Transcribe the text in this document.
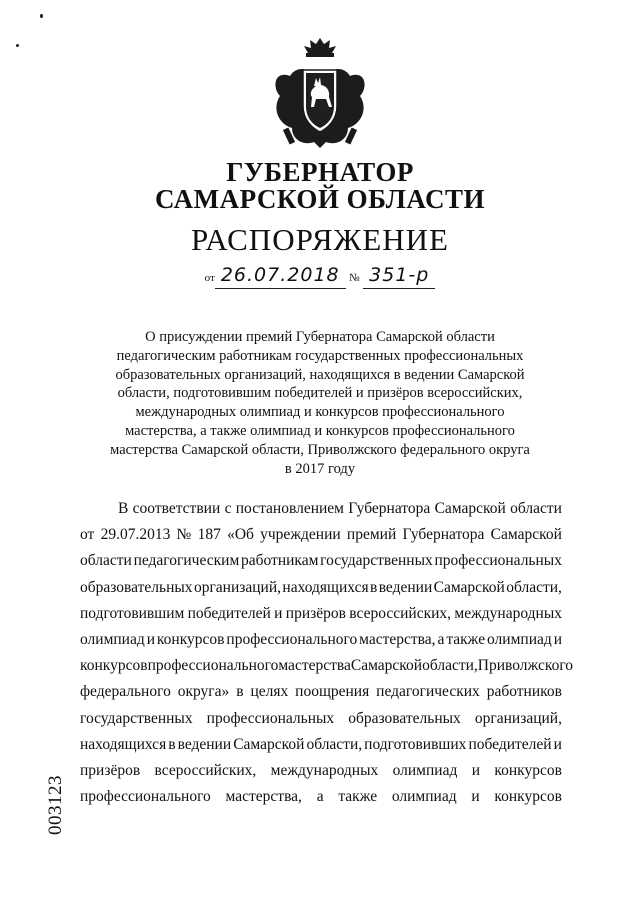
ГУБЕРНАТОР
САМАРСКОЙ ОБЛАСТИ
РАСПОРЯЖЕНИЕ
от 26.07.2018 № 351-р
О присуждении премий Губернатора Самарской области педагогическим работникам государственных профессиональных образовательных организаций, находящихся в ведении Самарской области, подготовившим победителей и призёров всероссийских, международных олимпиад и конкурсов профессионального мастерства, а также олимпиад и конкурсов профессионального мастерства Самарской области, Приволжского федерального округа в 2017 году
В соответствии с постановлением Губернатора Самарской области
от 29.07.2013 № 187 «Об учреждении премий Губернатора Самарской
области педагогическим работникам государственных профессиональных
образовательных организаций, находящихся в ведении Самарской области,
подготовившим победителей и призёров всероссийских, международных
олимпиад и конкурсов профессионального мастерства, а также олимпиад и
конкурсов профессионального мастерства Самарской области, Приволжского
федерального округа» в целях поощрения педагогических работников
государственных профессиональных образовательных организаций,
находящихся в ведении Самарской области, подготовивших победителей и
призёров всероссийских, международных олимпиад и конкурсов
профессионального мастерства, а также олимпиад и конкурсов
003123
